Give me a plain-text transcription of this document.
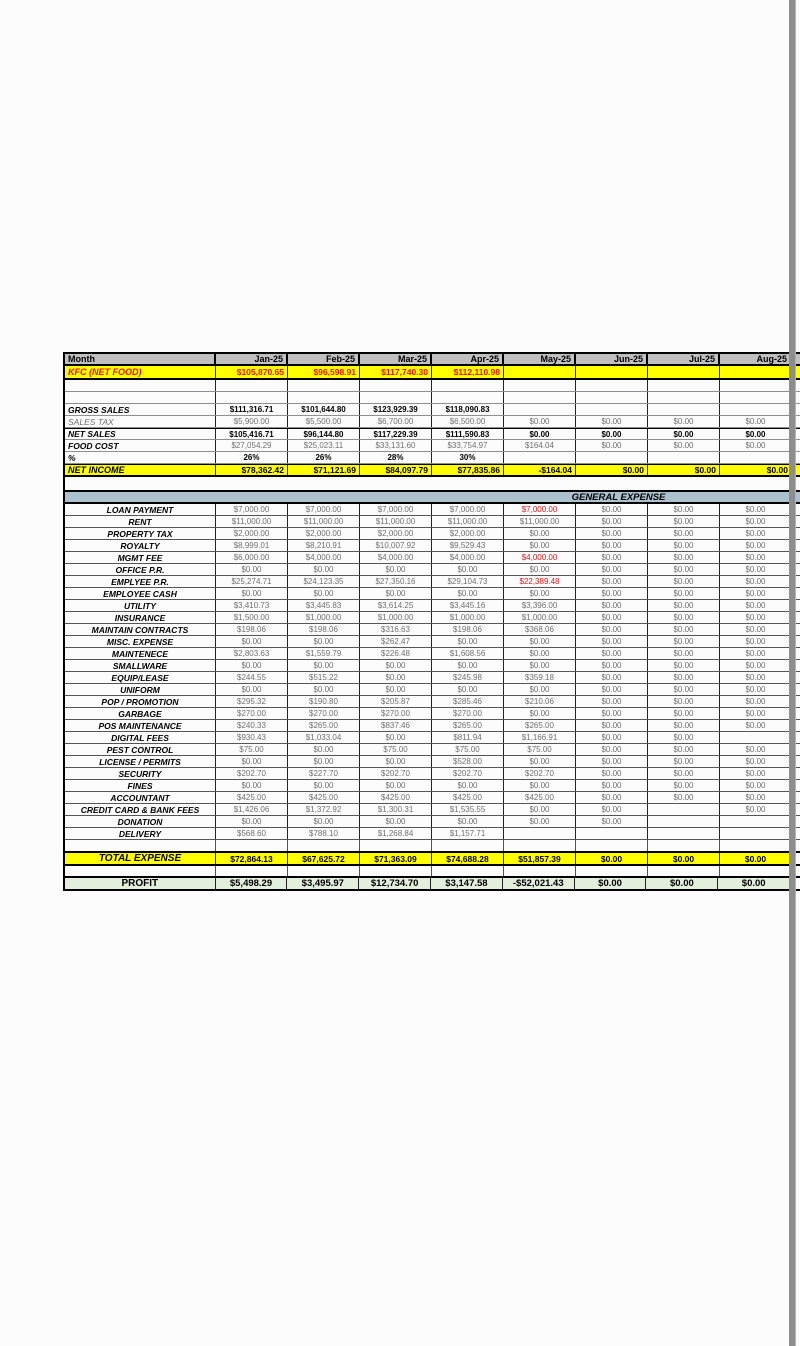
Month	Jan-25	Feb-25	Mar-25	Apr-25	May-25	Jun-25	Jul-25	Aug-25
KFC (NET FOOD)	$105,870.65	$96,598.91	$117,740.30	$112,110.98
GROSS SALES	$111,316.71	$101,644.80	$123,929.39	$118,090.83
SALES TAX	$5,900.00	$5,500.00	$6,700.00	$6,500.00	$0.00	$0.00	$0.00	$0.00
NET SALES	$105,416.71	$96,144.80	$117,229.39	$111,590.83	$0.00	$0.00	$0.00	$0.00
FOOD COST	$27,054.29	$25,023.11	$33,131.60	$33,754.97	$164.04	$0.00	$0.00	$0.00
%	26%	26%	28%	30%
NET INCOME	$78,362.42	$71,121.69	$84,097.79	$77,835.86	-$164.04	$0.00	$0.00	$0.00
GENERAL EXPENSE
LOAN PAYMENT	$7,000.00	$7,000.00	$7,000.00	$7,000.00	$7,000.00	$0.00	$0.00	$0.00
RENT	$11,000.00	$11,000.00	$11,000.00	$11,000.00	$11,000.00	$0.00	$0.00	$0.00
PROPERTY TAX	$2,000.00	$2,000.00	$2,000.00	$2,000.00	$0.00	$0.00	$0.00	$0.00
ROYALTY	$8,999.01	$8,210.91	$10,007.92	$9,529.43	$0.00	$0.00	$0.00	$0.00
MGMT FEE	$6,000.00	$4,000.00	$4,000.00	$4,000.00	$4,000.00	$0.00	$0.00	$0.00
OFFICE P.R.	$0.00	$0.00	$0.00	$0.00	$0.00	$0.00	$0.00	$0.00
EMPLYEE P.R.	$25,274.71	$24,123.35	$27,350.16	$29,104.73	$22,389.48	$0.00	$0.00	$0.00
EMPLOYEE CASH	$0.00	$0.00	$0.00	$0.00	$0.00	$0.00	$0.00	$0.00
UTILITY	$3,410.73	$3,445.83	$3,614.25	$3,445.16	$3,396.00	$0.00	$0.00	$0.00
INSURANCE	$1,500.00	$1,000.00	$1,000.00	$1,000.00	$1,000.00	$0.00	$0.00	$0.00
MAINTAIN CONTRACTS	$198.06	$198.06	$316.63	$198.06	$368.06	$0.00	$0.00	$0.00
MISC. EXPENSE	$0.00	$0.00	$262.47	$0.00	$0.00	$0.00	$0.00	$0.00
MAINTENECE	$2,803.63	$1,559.79	$226.48	$1,608.56	$0.00	$0.00	$0.00	$0.00
SMALLWARE	$0.00	$0.00	$0.00	$0.00	$0.00	$0.00	$0.00	$0.00
EQUIP/LEASE	$244.55	$515.22	$0.00	$245.98	$359.18	$0.00	$0.00	$0.00
UNIFORM	$0.00	$0.00	$0.00	$0.00	$0.00	$0.00	$0.00	$0.00
POP / PROMOTION	$295.32	$190.80	$205.87	$285.46	$210.06	$0.00	$0.00	$0.00
GARBAGE	$270.00	$270.00	$270.00	$270.00	$0.00	$0.00	$0.00	$0.00
POS MAINTENANCE	$240.33	$265.00	$837.46	$265.00	$265.00	$0.00	$0.00	$0.00
DIGITAL FEES	$930.43	$1,033.04	$0.00	$811.94	$1,166.91	$0.00	$0.00
PEST CONTROL	$75.00	$0.00	$75.00	$75.00	$75.00	$0.00	$0.00	$0.00
LICENSE / PERMITS	$0.00	$0.00	$0.00	$528.00	$0.00	$0.00	$0.00	$0.00
SECURITY	$202.70	$227.70	$202.70	$202.70	$202.70	$0.00	$0.00	$0.00
FINES	$0.00	$0.00	$0.00	$0.00	$0.00	$0.00	$0.00	$0.00
ACCOUNTANT	$425.00	$425.00	$425.00	$425.00	$425.00	$0.00	$0.00	$0.00
CREDIT CARD & BANK FEES	$1,426.06	$1,372.92	$1,300.31	$1,535.55	$0.00	$0.00	$0.00
DONATION	$0.00	$0.00	$0.00	$0.00	$0.00	$0.00
DELIVERY	$568.60	$788.10	$1,268.84	$1,157.71
TOTAL EXPENSE	$72,864.13	$67,625.72	$71,363.09	$74,688.28	$51,857.39	$0.00	$0.00	$0.00
PROFIT	$5,498.29	$3,495.97	$12,734.70	$3,147.58	-$52,021.43	$0.00	$0.00	$0.00
